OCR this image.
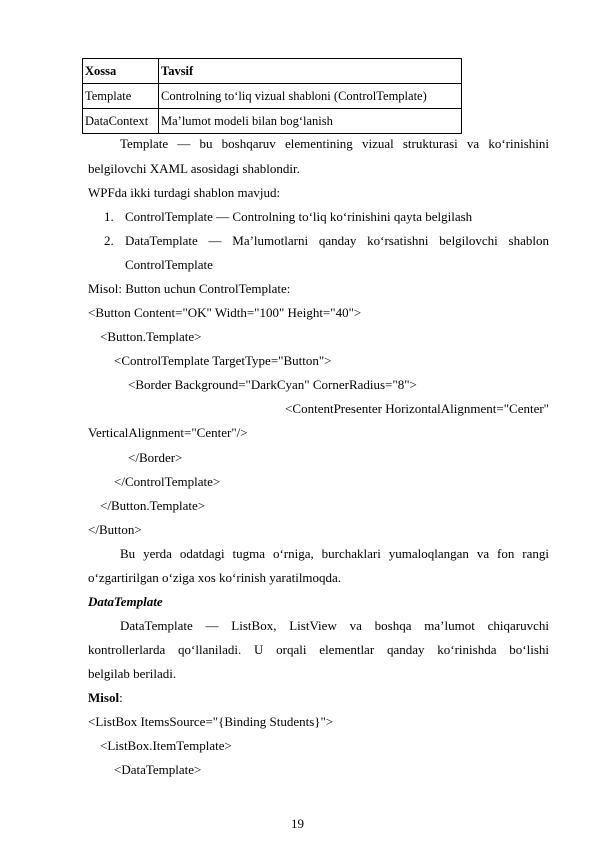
Xossa	Tavsif
Template	Controlning to‘liq vizual shabloni (ControlTemplate)
DataContext	Ma’lumot modeli bilan bog‘lanish
Template — bu boshqaruv elementining vizual strukturasi va ko‘rinishini
belgilovchi XAML asosidagi shablondir.
WPFda ikki turdagi shablon mavjud:
1. ControlTemplate — Controlning to‘liq ko‘rinishini qayta belgilash
2. DataTemplate — Ma’lumotlarni qanday ko‘rsatishni belgilovchi shablon
ControlTemplate
Misol: Button uchun ControlTemplate:
<Button Content="OK" Width="100" Height="40">
<Button.Template>
<ControlTemplate TargetType="Button">
<Border Background="DarkCyan" CornerRadius="8">
<ContentPresenter HorizontalAlignment="Center"
VerticalAlignment="Center"/>
</Border>
</ControlTemplate>
</Button.Template>
</Button>
Bu yerda odatdagi tugma o‘rniga, burchaklari yumaloqlangan va fon rangi
o‘zgartirilgan o‘ziga xos ko‘rinish yaratilmoqda.
DataTemplate
DataTemplate — ListBox, ListView va boshqa ma’lumot chiqaruvchi
kontrollerlarda qo‘llaniladi. U orqali elementlar qanday ko‘rinishda bo‘lishi
belgilab beriladi.
Misol:
<ListBox ItemsSource="{Binding Students}">
<ListBox.ItemTemplate>
<DataTemplate>
19
